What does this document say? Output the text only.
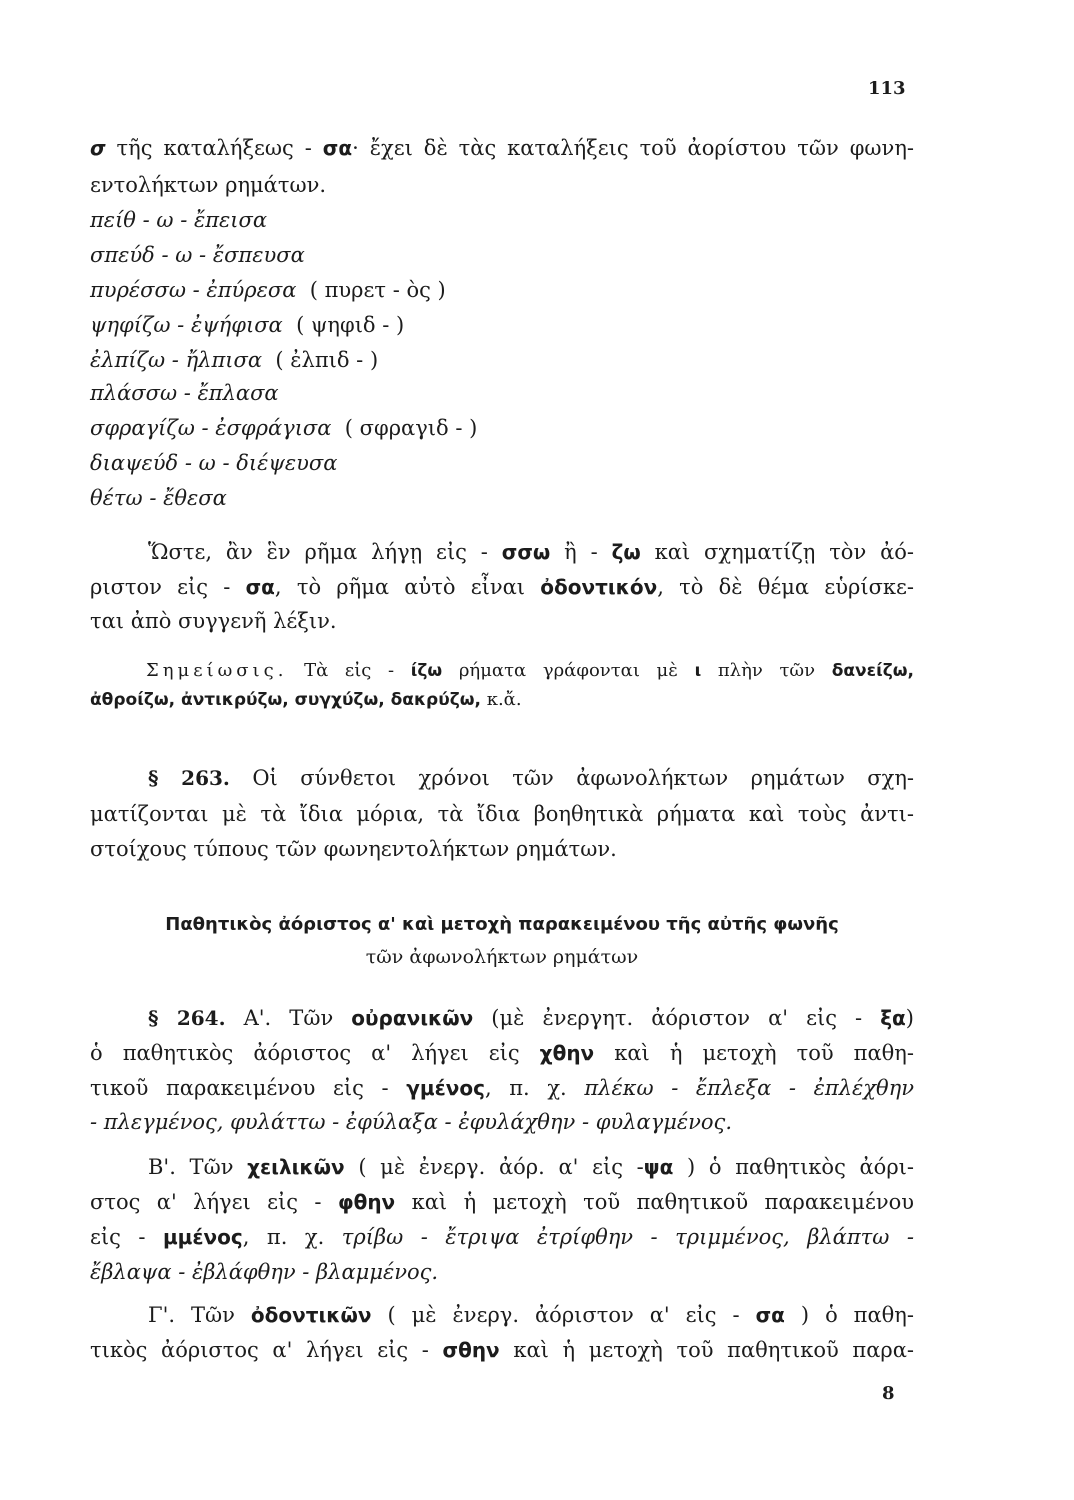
113
σ τῆς καταλήξεως - σα· ἔχει δὲ τὰς καταλήξεις τοῦ ἀορίστου τῶν φωνη-
εντολήκτων ρημάτων.
πείθ - ω - ἔπεισα
σπεύδ - ω - ἔσπευσα
πυρέσσω - ἐπύρεσα  ( πυρετ - ὸς )
ψηφίζω - ἐψήφισα  ( ψηφιδ - )
ἐλπίζω - ἤλπισα  ( ἐλπιδ - )
πλάσσω - ἔπλασα
σφραγίζω - ἐσφράγισα  ( σφραγιδ - )
διαψεύδ - ω - διέψευσα
θέτω - ἔθεσα
Ὥστε, ἂν ἓν ρῆμα λήγῃ εἰς - σσω ἢ - ζω καὶ σχηματίζῃ τὸν ἀό-
ριστον εἰς - σα, τὸ ρῆμα αὐτὸ εἶναι ὀδοντικόν, τὸ δὲ θέμα εὑρίσκε-
ται ἀπὸ συγγενῆ λέξιν.
Σημείωσις. Τὰ εἰς - ίζω ρήματα γράφονται μὲ ι πλὴν τῶν δανείζω,
ἀθροίζω, ἀντικρύζω, συγχύζω, δακρύζω, κ.ἄ.
§ 263. Οἱ σύνθετοι χρόνοι τῶν ἀφωνολήκτων ρημάτων σχη-
ματίζονται μὲ τὰ ἴδια μόρια, τὰ ἴδια βοηθητικὰ ρήματα καὶ τοὺς ἀντι-
στοίχους τύπους τῶν φωνηεντολήκτων ρημάτων.
Παθητικὸς ἀόριστος α' καὶ μετοχὴ παρακειμένου τῆς αὐτῆς φωνῆς
τῶν ἀφωνολήκτων ρημάτων
§ 264. Α'. Τῶν οὐρανικῶν (μὲ ἐνεργητ. ἀόριστον α' εἰς - ξα)
ὁ παθητικὸς ἀόριστος α' λήγει εἰς χθην καὶ ἡ μετοχὴ τοῦ παθη-
τικοῦ παρακειμένου εἰς - γμένος, π. χ. πλέκω - ἔπλεξα - ἐπλέχθην
- πλεγμένος, φυλάττω - ἐφύλαξα - ἐφυλάχθην - φυλαγμένος.
Β'. Τῶν χειλικῶν ( μὲ ἐνεργ. ἀόρ. α' εἰς -ψα ) ὁ παθητικὸς ἀόρι-
στος α' λήγει εἰς - φθην καὶ ἡ μετοχὴ τοῦ παθητικοῦ παρακειμένου
εἰς - μμένος, π. χ. τρίβω - ἔτριψα ἐτρίφθην - τριμμένος, βλάπτω -
ἔβλαψα - ἐβλάφθην - βλαμμένος.
Γ'. Τῶν ὀδοντικῶν ( μὲ ἐνεργ. ἀόριστον α' εἰς - σα ) ὁ παθη-
τικὸς ἀόριστος α' λήγει εἰς - σθην καὶ ἡ μετοχὴ τοῦ παθητικοῦ παρα-
8
